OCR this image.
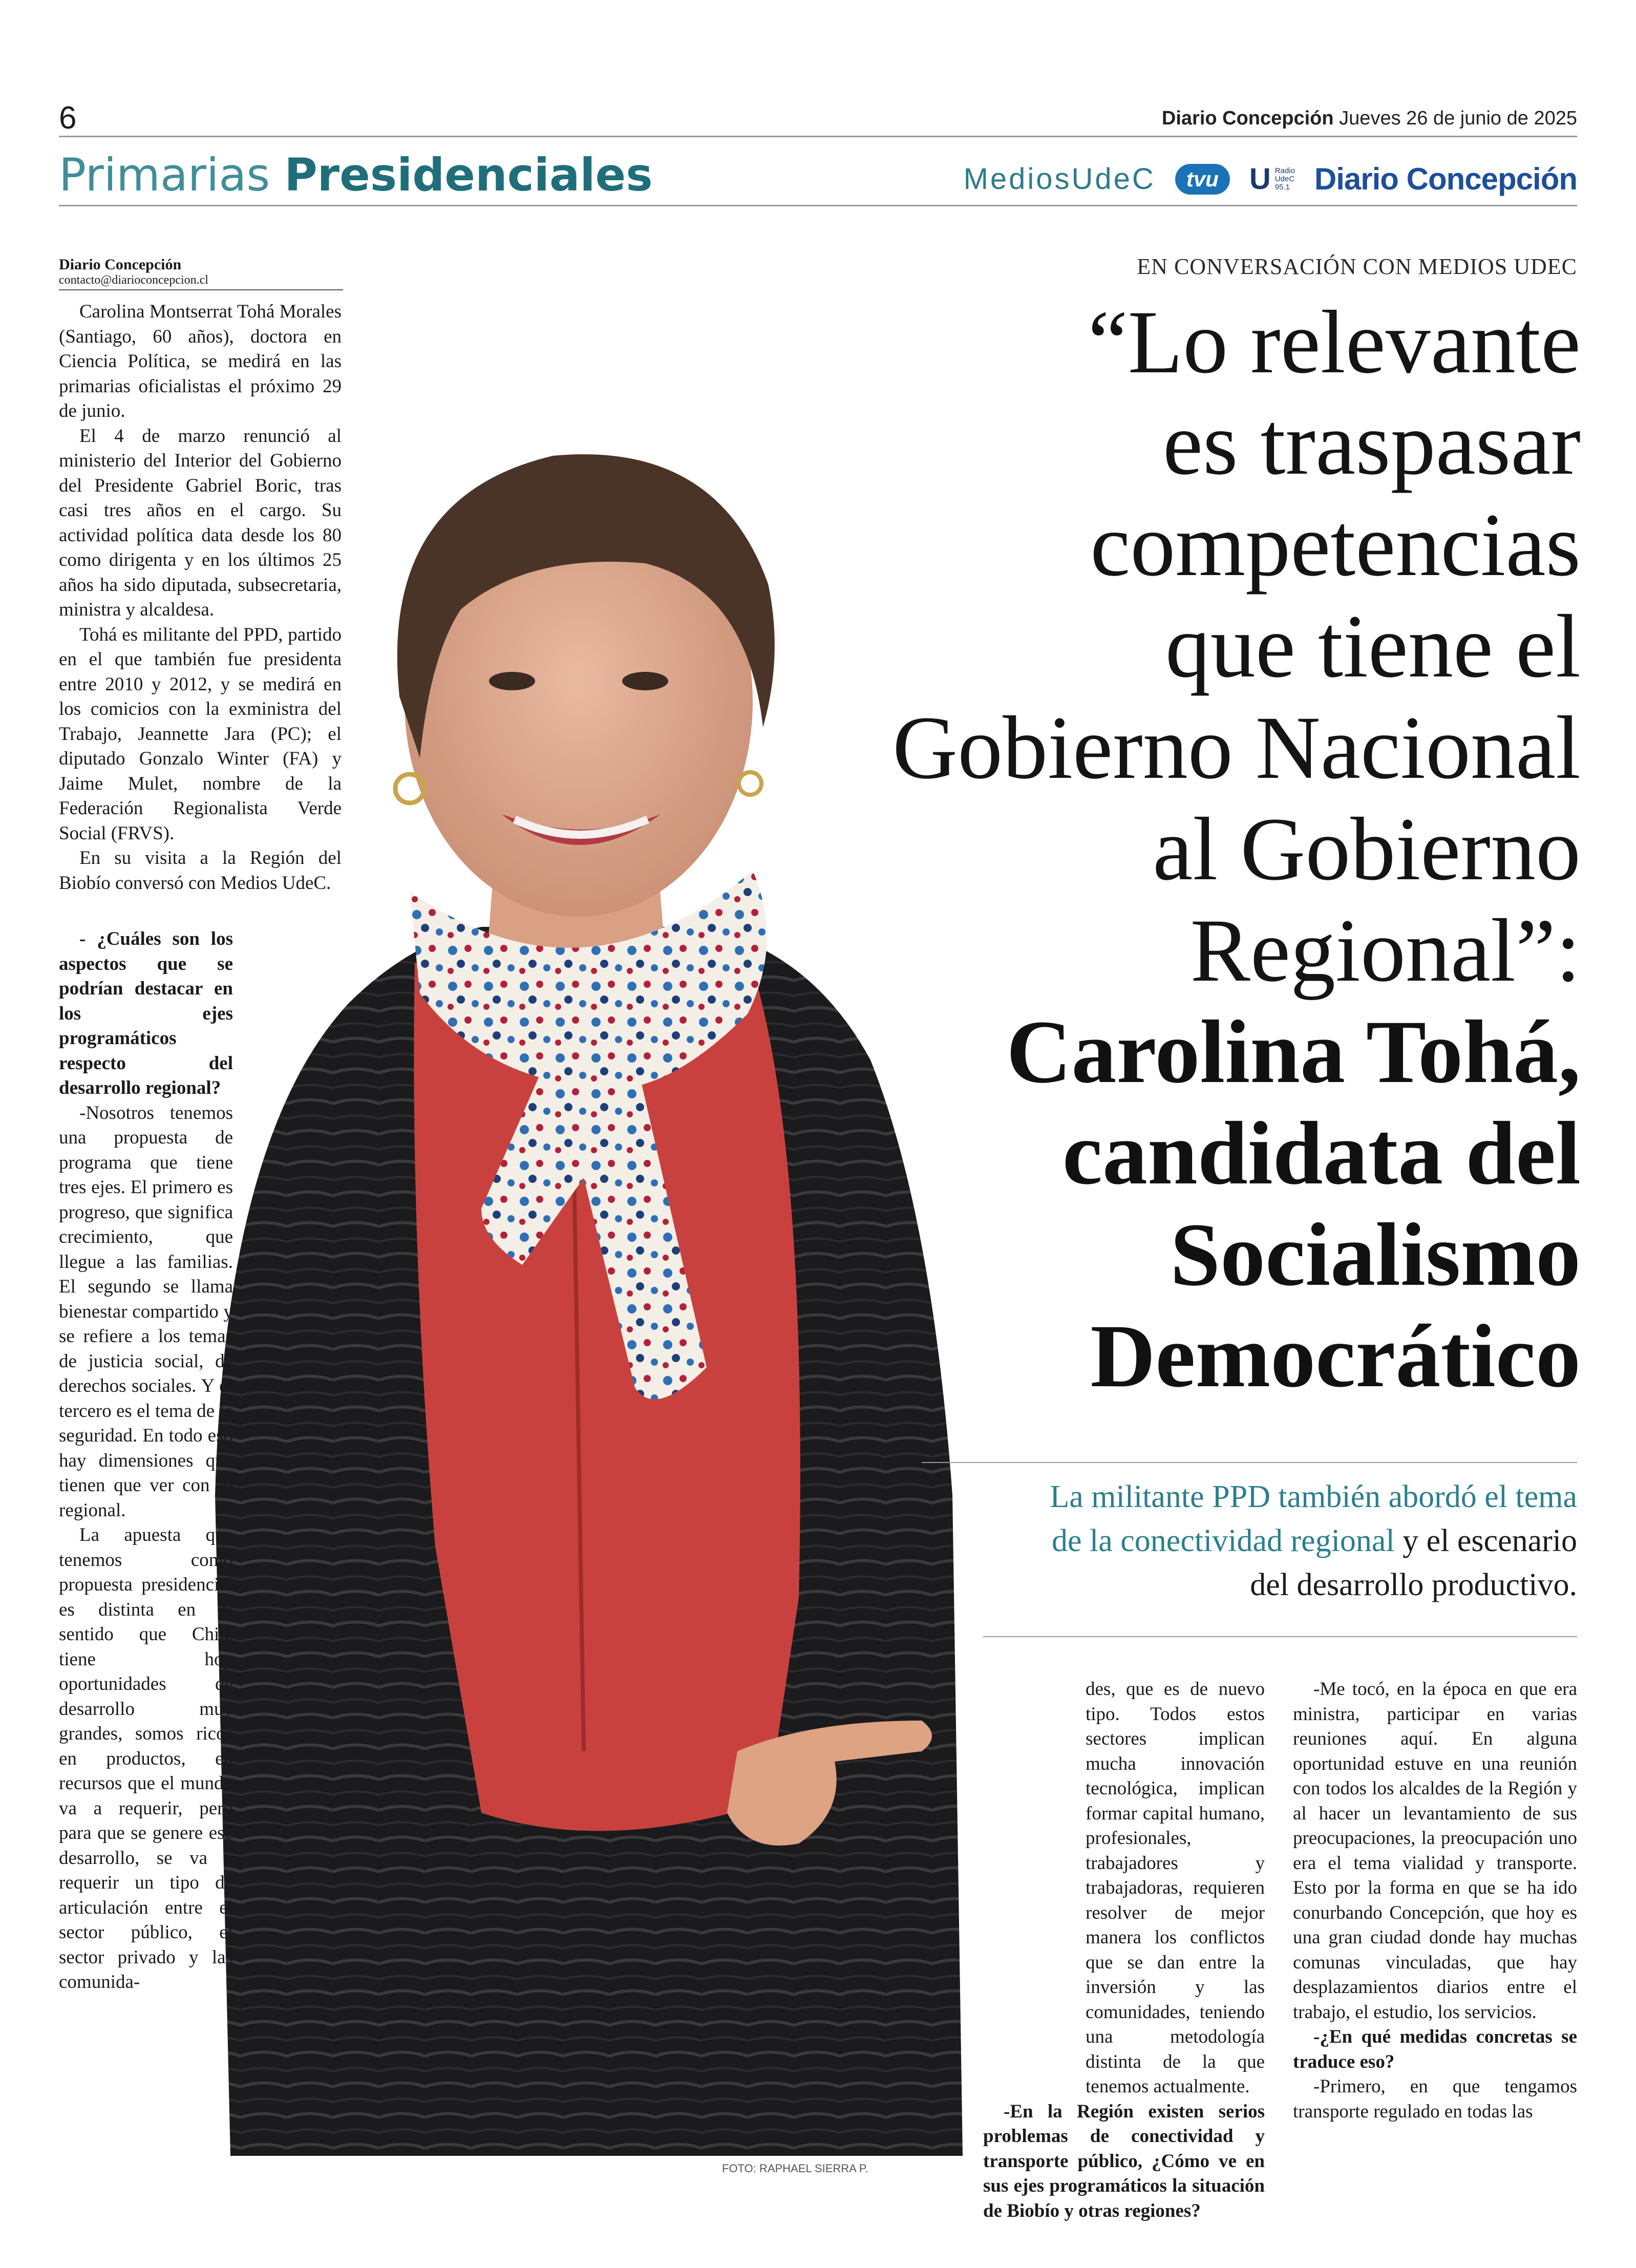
6	Diario Concepción Jueves 26 de junio de 2025
Primarias Presidenciales	MediosUdeC	tvu	U Radio
UdeC
95.1 Diario Concepción
Diario Concepción
contacto@diarioconcepcion.cl
FOTO: RAPHAEL SIERRA P.

Carolina Montserrat Tohá Morales (Santiago, 60 años), doctora en Ciencia Política, se medirá en las primarias oficialistas el próximo 29 de junio.

El 4 de marzo renunció al ministerio del Interior del Gobierno del Presidente Gabriel Boric, tras casi tres años en el cargo. Su actividad política data desde los 80 como dirigenta y en los últimos 25 años ha sido diputada, subsecretaria, ministra y alcaldesa.

Tohá es militante del PPD, partido en el que también fue presidenta entre 2010 y 2012, y se medirá en los comicios con la exministra del Trabajo, Jeannette Jara (PC); el diputado Gonzalo Winter (FA) y Jaime Mulet, nombre de la Federación Regionalista Verde Social (FRVS).

En su visita a la Región del Biobío conversó con Medios UdeC.

- ¿Cuáles son los aspectos que se podrían destacar en los ejes programáticos respecto del desarrollo regional?

-Nosotros tenemos una propuesta de programa que tiene tres ejes. El primero es progreso, que significa crecimiento, que llegue a las familias. El segundo se llama bienestar compartido y se refiere a los temas de justicia social, de derechos sociales. Y el tercero es el tema de la seguridad. En todo eso hay dimensiones que tienen que ver con lo regional.

La apuesta que tenemos como propuesta presidencial es distinta en el sentido que Chile tiene hoy oportunidades de desarrollo muy grandes, somos ricos en productos, en recursos que el mundo va a requerir, pero para que se genere ese desarrollo, se va a requerir un tipo de articulación entre el sector público, el sector privado y las comunida-

EN CONVERSACIÓN CON MEDIOS UDEC
“Lo relevante
es traspasar
competencias
que tiene el
Gobierno Nacional
al Gobierno
Regional”:
Carolina Tohá,
candidata del
Socialismo
Democrático
La militante PPD también abordó el tema
de la conectividad regional y el escenario
del desarrollo productivo.

des, que es de nuevo tipo. Todos estos sectores implican mucha innovación tecnológica, implican formar capital humano, profesionales, trabajadores y trabajadoras, requieren resolver de mejor manera los conflictos que se dan entre la inversión y las comunidades, teniendo una metodología distinta de la que tenemos actualmente.

-En la Región existen serios problemas de conectividad y transporte público, ¿Cómo ve en sus ejes programáticos la situación de Biobío y otras regiones?

-Me tocó, en la época en que era ministra, participar en varias reuniones aquí. En alguna oportunidad estuve en una reunión con todos los alcaldes de la Región y al hacer un levantamiento de sus preocupaciones, la preocupación uno era el tema vialidad y transporte. Esto por la forma en que se ha ido conurbando Concepción, que hoy es una gran ciudad donde hay muchas comunas vinculadas, que hay desplazamientos diarios entre el trabajo, el estudio, los servicios.

-¿En qué medidas concretas se traduce eso?

-Primero, en que tengamos transporte regulado en todas las
